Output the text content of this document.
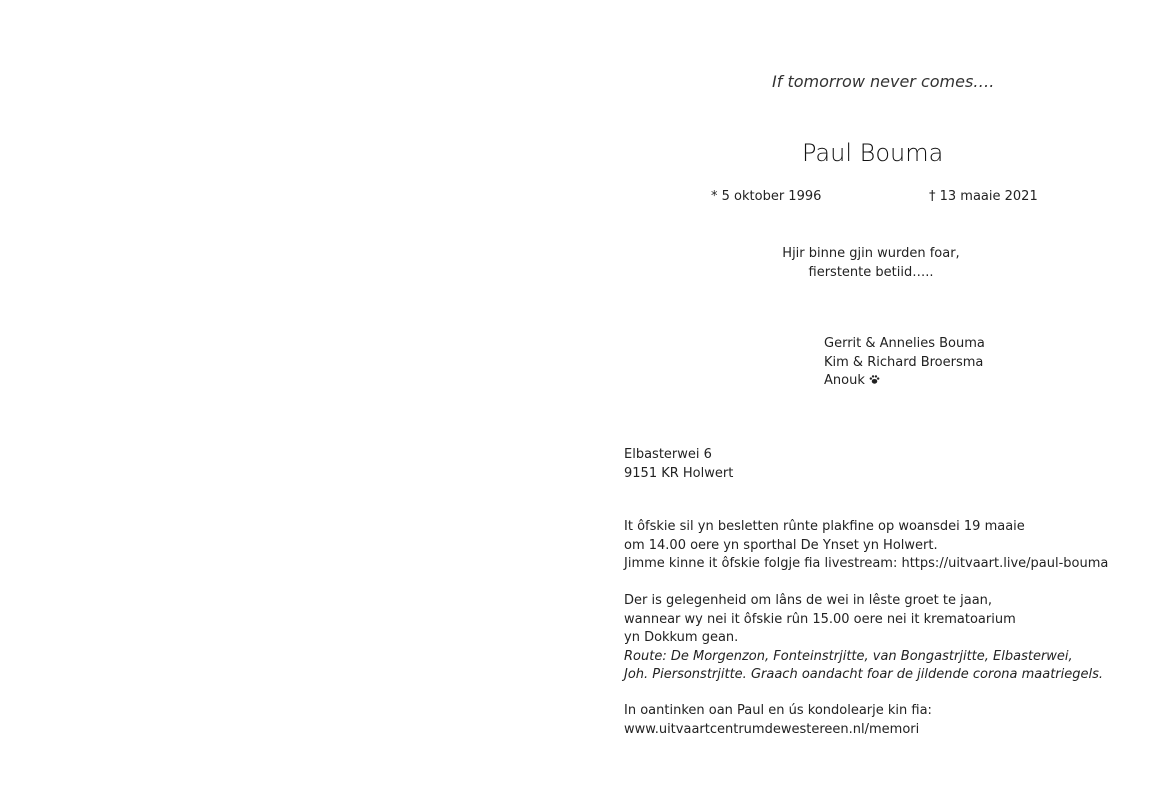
If tomorrow never comes….
Paul Bouma
* 5 oktober 1996	† 13 maaie 2021
Hjir binne gjin wurden foar,
fierstente betiid…..
Gerrit & Annelies Bouma
Kim & Richard Broersma
Anouk
Elbasterwei 6
9151 KR Holwert
It ôfskie sil yn besletten rûnte plakfine op woansdei 19 maaie
om 14.00 oere yn sporthal De Ynset yn Holwert.
Jimme kinne it ôfskie folgje fia livestream: https://uitvaart.live/paul-bouma
Der is gelegenheid om lâns de wei in lêste groet te jaan,
wannear wy nei it ôfskie rûn 15.00 oere nei it krematoarium
yn Dokkum gean.
Route: De Morgenzon, Fonteinstrjitte, van Bongastrjitte, Elbasterwei,
Joh. Piersonstrjitte. Graach oandacht foar de jildende corona maatriegels.
In oantinken oan Paul en ús kondolearje kin fia:
www.uitvaartcentrumdewestereen.nl/memori
